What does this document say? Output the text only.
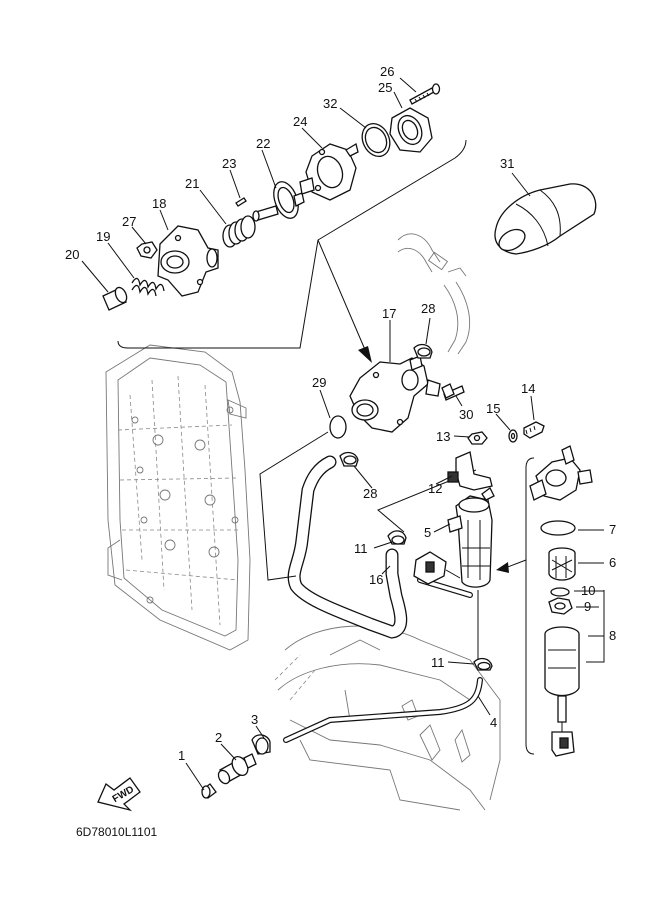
FWD
1
2
3	4
5
6
7
8
9
10
11
11
12
13
14
15
16
17
18
19
20
21
22
23
24
25
26
27
28
28
29
30
31
32
6D78010L1101
